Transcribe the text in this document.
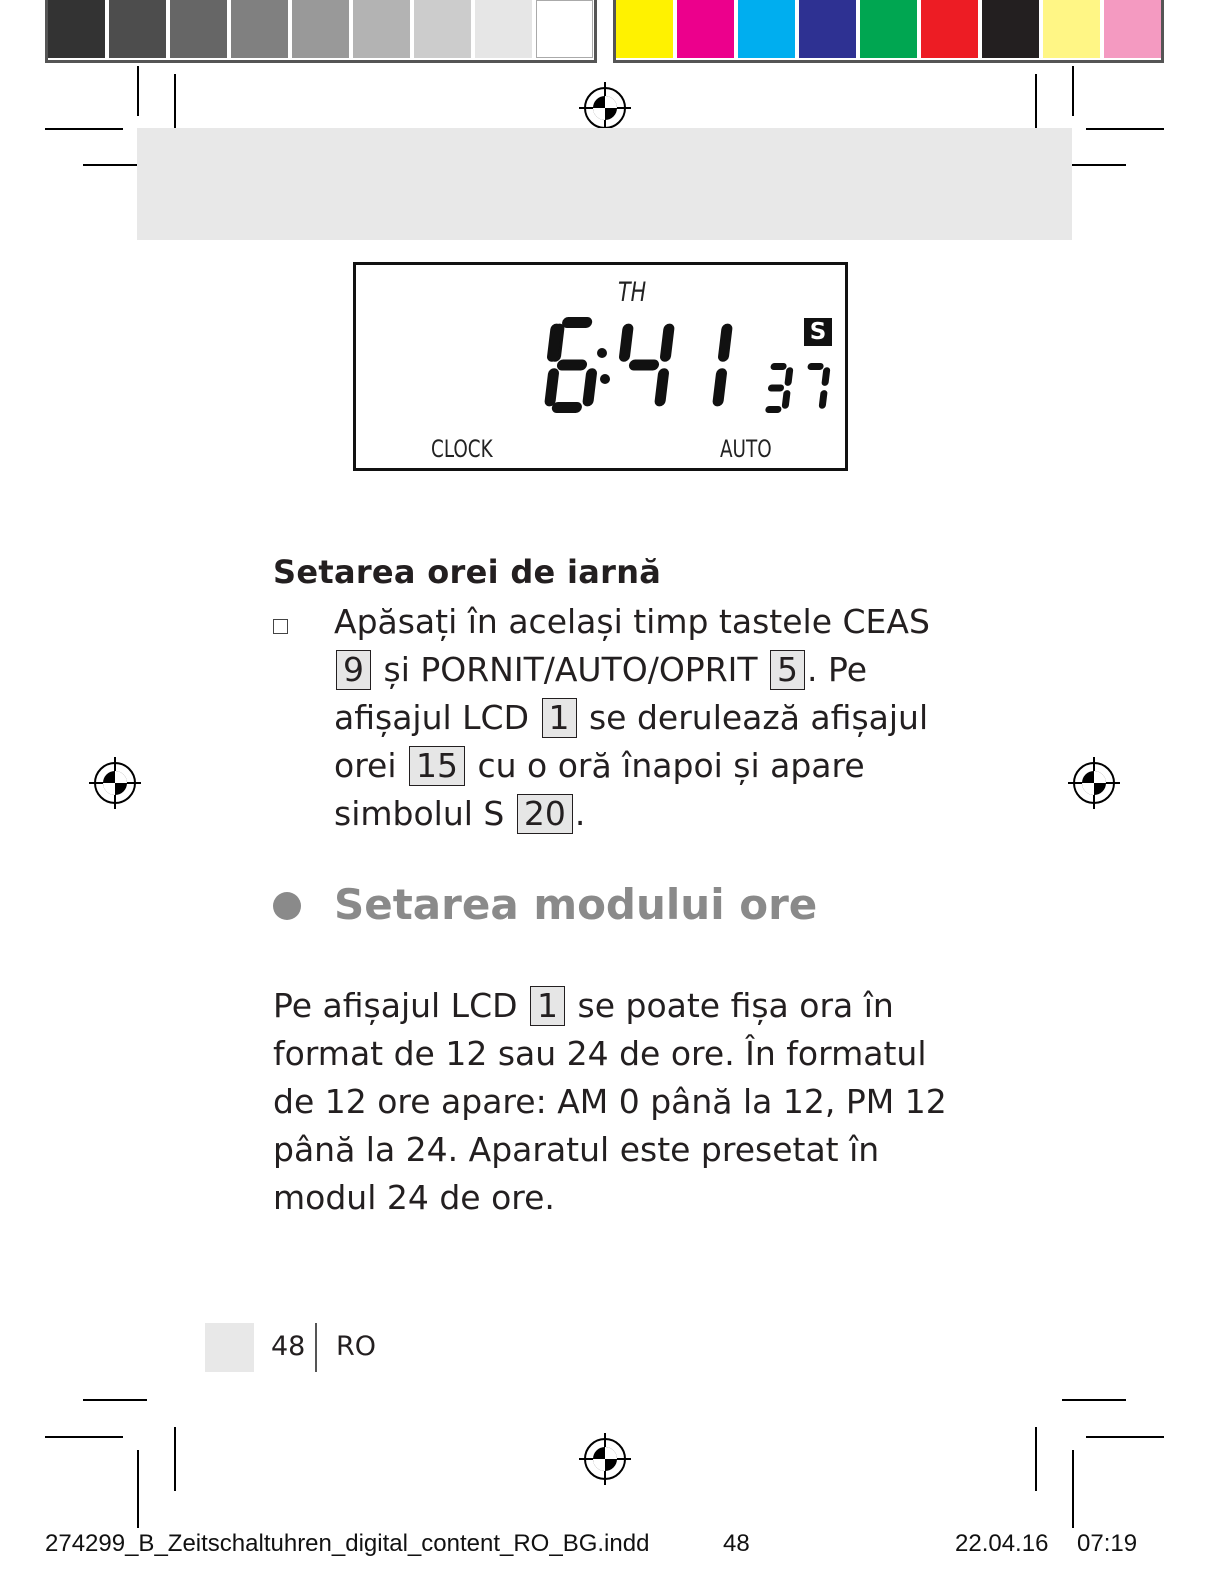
TH
S
CLOCK	AUTO
Setarea orei de iarnă

Apăsați în același timp tastele CEAS 9 și PORNIT/AUTO/OPRIT 5 . Pe afișajul LCD 1 se derulează afișajul orei 15 cu o oră înapoi și apare simbolul S 20 .

Setarea modului ore

Pe afișajul LCD 1 se poate fișa ora în format de 12 sau 24 de ore. În formatul de 12 ore apare: AM 0 până la 12, PM 12 până la 24. Aparatul este presetat în modul 24 de ore.

48 RO
274299_B_Zeitschaltuhren_digital_content_RO_BG.indd	48	22.04.16 07:19
